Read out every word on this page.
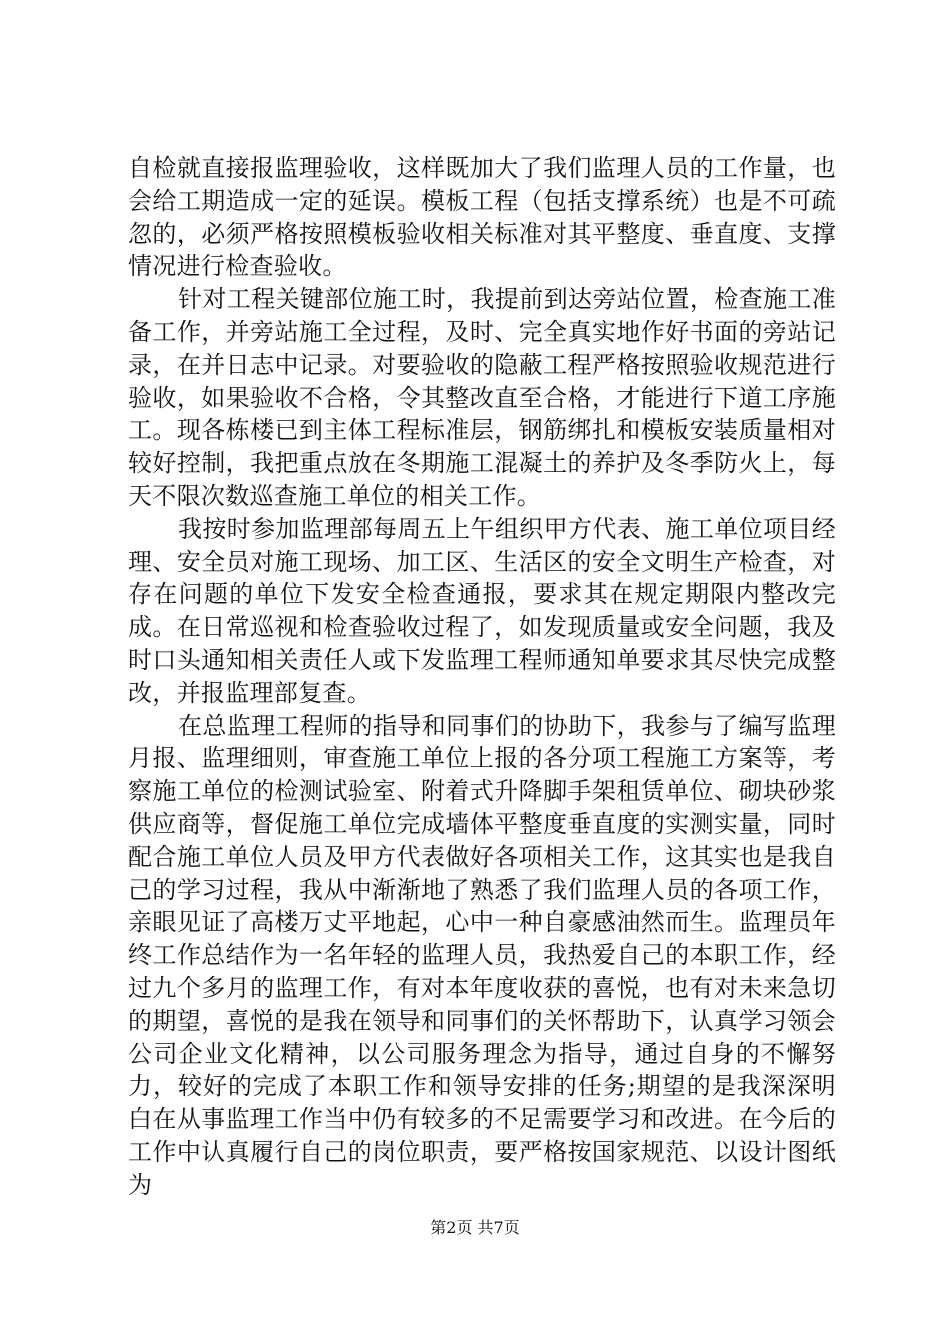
自检就直接报监理验收，这样既加大了我们监理人员的工作量，也会给工期造成一定的延误。模板工程（包括支撑系统）也是不可疏忽的，必须严格按照模板验收相关标准对其平整度、垂直度、支撑情况进行检查验收。

针对工程关键部位施工时，我提前到达旁站位置，检查施工准备工作，并旁站施工全过程，及时、完全真实地作好书面的旁站记录，在并日志中记录。对要验收的隐蔽工程严格按照验收规范进行验收，如果验收不合格，令其整改直至合格，才能进行下道工序施工。现各栋楼已到主体工程标准层，钢筋绑扎和模板安装质量相对较好控制，我把重点放在冬期施工混凝土的养护及冬季防火上，每天不限次数巡查施工单位的相关工作。

我按时参加监理部每周五上午组织甲方代表、施工单位项目经理、安全员对施工现场、加工区、生活区的安全文明生产检查，对存在问题的单位下发安全检查通报，要求其在规定期限内整改完成。在日常巡视和检查验收过程了，如发现质量或安全问题，我及时口头通知相关责任人或下发监理工程师通知单要求其尽快完成整改，并报监理部复查。

在总监理工程师的指导和同事们的协助下，我参与了编写监理月报、监理细则，审查施工单位上报的各分项工程施工方案等，考察施工单位的检测试验室、附着式升降脚手架租赁单位、砌块砂浆供应商等，督促施工单位完成墙体平整度垂直度的实测实量，同时配合施工单位人员及甲方代表做好各项相关工作，这其实也是我自己的学习过程，我从中渐渐地了熟悉了我们监理人员的各项工作，亲眼见证了高楼万丈平地起，心中一种自豪感油然而生。监理员年终工作总结作为一名年轻的监理人员，我热爱自己的本职工作，经过九个多月的监理工作，有对本年度收获的喜悦，也有对未来急切的期望，喜悦的是我在领导和同事们的关怀帮助下，认真学习领会公司企业文化精神，以公司服务理念为指导，通过自身的不懈努力，较好的完成了本职工作和领导安排的任务;期望的是我深深明白在从事监理工作当中仍有较多的不足需要学习和改进。在今后的工作中认真履行自己的岗位职责，要严格按国家规范、以设计图纸为

第2页 共7页
